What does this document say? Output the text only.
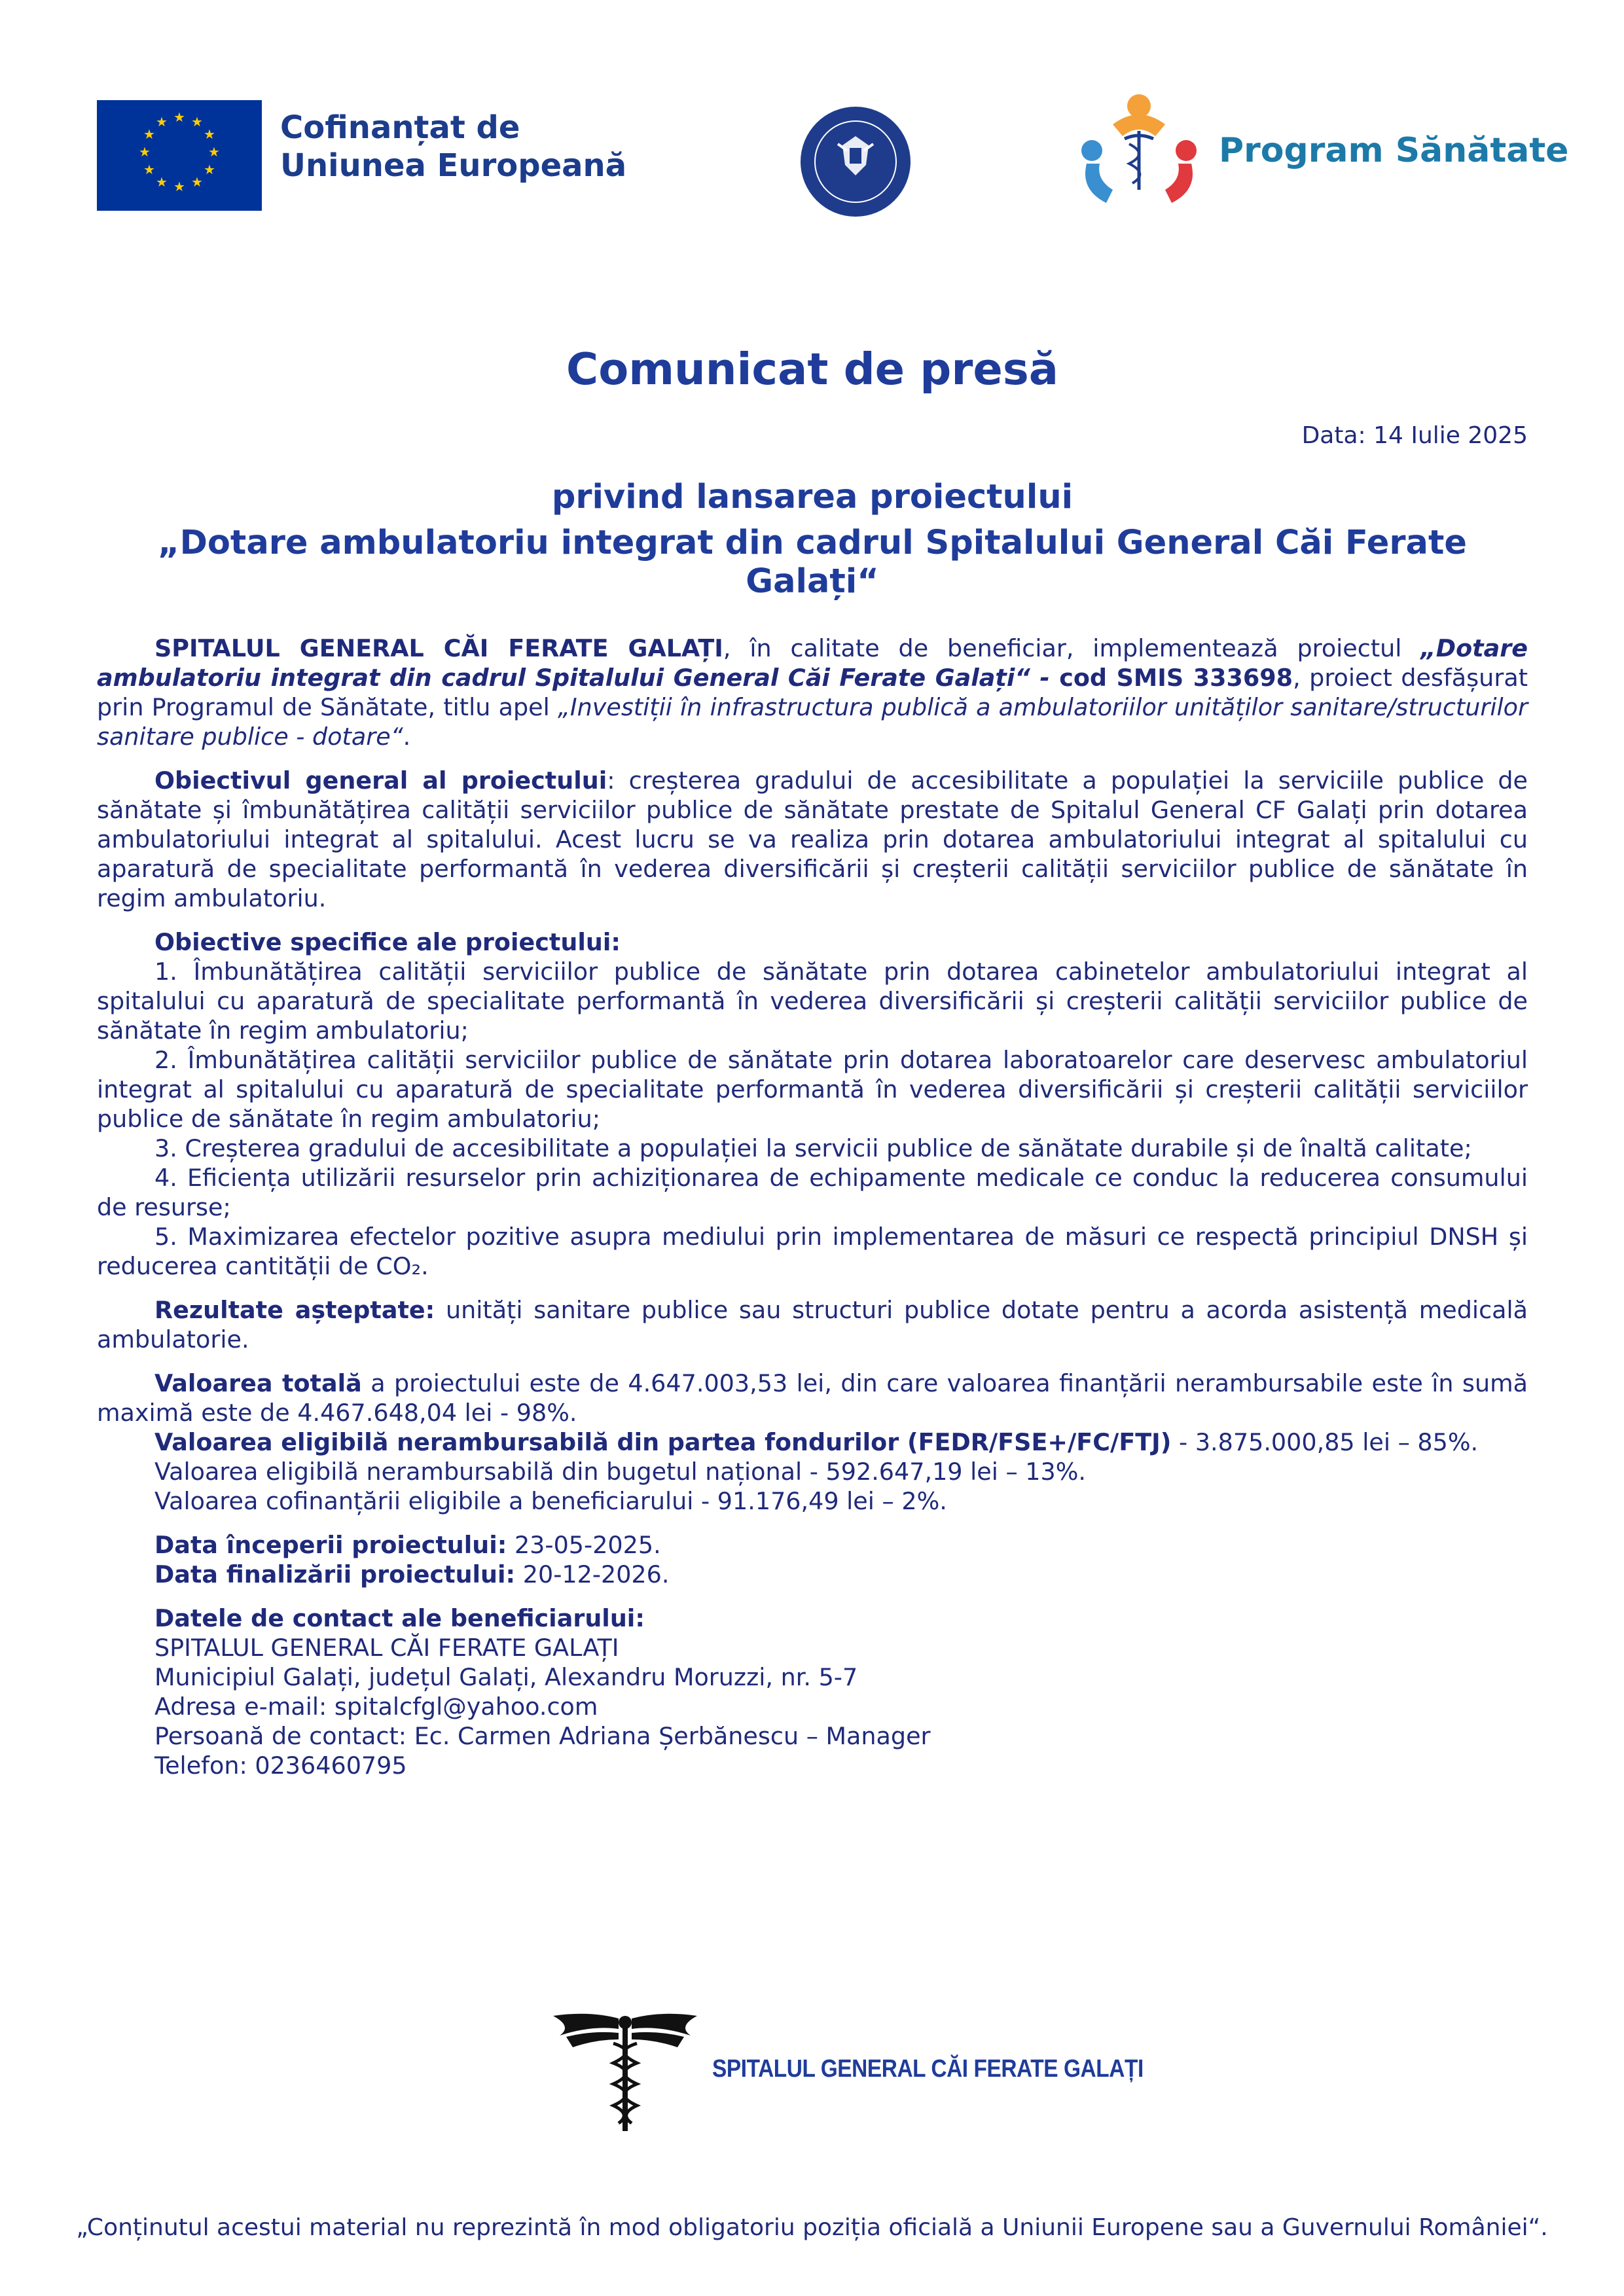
★ ★
★
★
★
★
★
★
★
★
★
★	Cofinanțat de
Uniunea Europeană	Program Sănătate
Comunicat de presă
Data: 14 Iulie 2025
privind lansarea proiectului
„Dotare ambulatoriu integrat din cadrul Spitalului General Căi Ferate Galați“

SPITALUL GENERAL CĂI FERATE GALAȚI, în calitate de beneficiar, implementează proiectul „Dotare ambulatoriu integrat din cadrul Spitalului General Căi Ferate Galați“ - cod SMIS 333698, proiect desfășurat prin Programul de Sănătate, titlu apel „Investiții în infrastructura publică a ambulatoriilor unităților sanitare/structurilor sanitare publice - dotare“.

Obiectivul general al proiectului: creșterea gradului de accesibilitate a populației la serviciile publice de sănătate și îmbunătățirea calității serviciilor publice de sănătate prestate de Spitalul General CF Galați prin dotarea ambulatoriului integrat al spitalului. Acest lucru se va realiza prin dotarea ambulatoriului integrat al spitalului cu aparatură de specialitate performantă în vederea diversificării și creșterii calității serviciilor publice de sănătate în regim ambulatoriu.

Obiective specifice ale proiectului:

1. Îmbunătățirea calității serviciilor publice de sănătate prin dotarea cabinetelor ambulatoriului integrat al spitalului cu aparatură de specialitate performantă în vederea diversificării și creșterii calității serviciilor publice de sănătate în regim ambulatoriu;

2. Îmbunătățirea calității serviciilor publice de sănătate prin dotarea laboratoarelor care deservesc ambulatoriul integrat al spitalului cu aparatură de specialitate performantă în vederea diversificării și creșterii calității serviciilor publice de sănătate în regim ambulatoriu;

3. Creșterea gradului de accesibilitate a populației la servicii publice de sănătate durabile și de înaltă calitate;

4. Eficiența utilizării resurselor prin achiziționarea de echipamente medicale ce conduc la reducerea consumului de resurse;

5. Maximizarea efectelor pozitive asupra mediului prin implementarea de măsuri ce respectă principiul DNSH și reducerea cantității de CO₂.

Rezultate așteptate: unități sanitare publice sau structuri publice dotate pentru a acorda asistență medicală ambulatorie.

Valoarea totală a proiectului este de 4.647.003,53 lei, din care valoarea finanțării nerambursabile este în sumă maximă este de 4.467.648,04 lei - 98%.

Valoarea eligibilă nerambursabilă din partea fondurilor (FEDR/FSE+/FC/FTJ) - 3.875.000,85 lei – 85%.

Valoarea eligibilă nerambursabilă din bugetul național - 592.647,19 lei – 13%.

Valoarea cofinanțării eligibile a beneficiarului - 91.176,49 lei – 2%.

Data începerii proiectului: 23-05-2025.

Data finalizării proiectului: 20-12-2026.

Datele de contact ale beneficiarului:

SPITALUL GENERAL CĂI FERATE GALAȚI

Municipiul Galați, județul Galați, Alexandru Moruzzi, nr. 5-7

Adresa e-mail: spitalcfgl@yahoo.com

Persoană de contact: Ec. Carmen Adriana Șerbănescu – Manager

Telefon: 0236460795

SPITALUL GENERAL CĂI FERATE GALAȚI
„Conținutul acestui material nu reprezintă în mod obligatoriu poziția oficială a Uniunii Europene sau a Guvernului României“.
